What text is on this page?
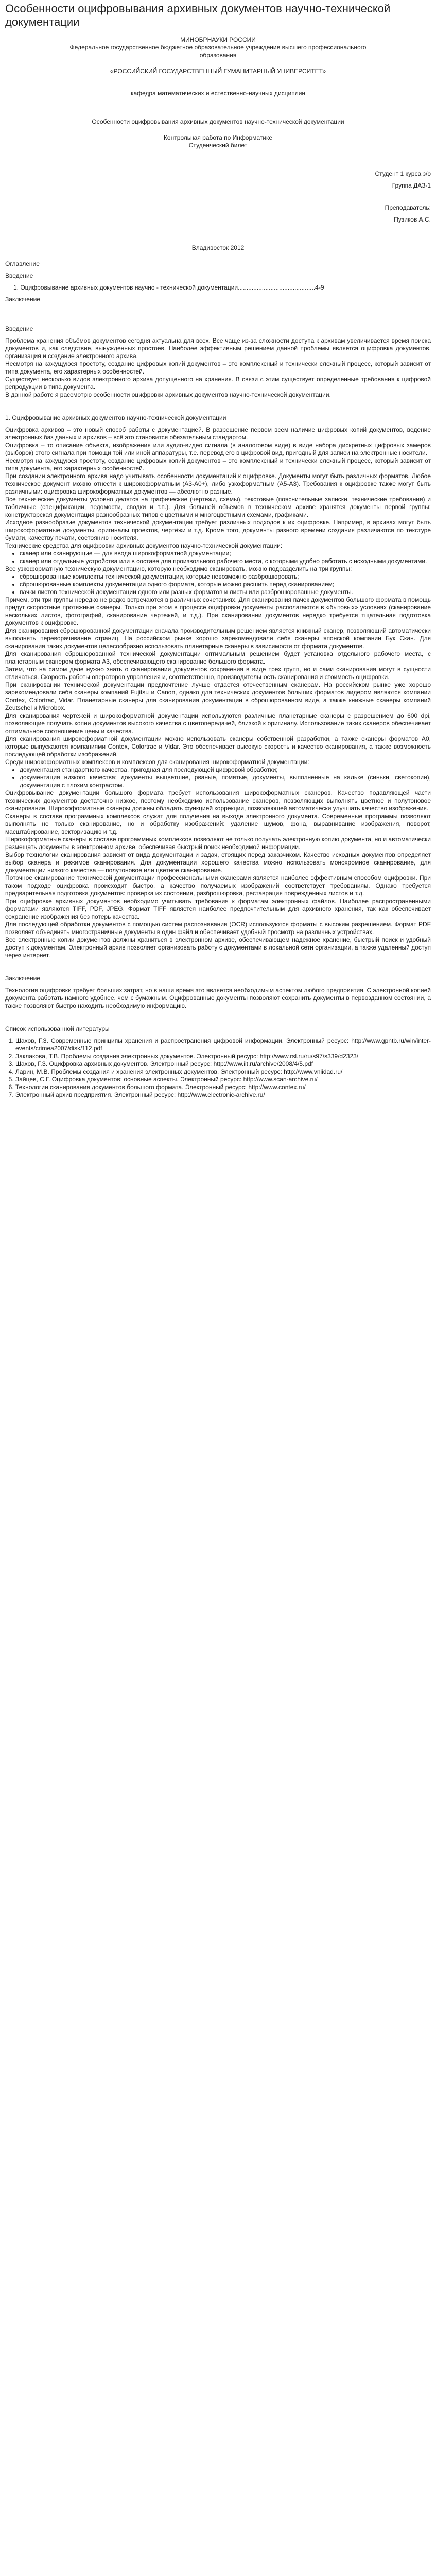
Особенности оцифровывания архивных документов научно-технической документации

МИНОБРНАУКИ РОССИИ

Федеральное государственное бюджетное образовательное учреждение высшего профессионального образования

«РОССИЙСКИЙ ГОСУДАРСТВЕННЫЙ ГУМАНИТАРНЫЙ УНИВЕРСИТЕТ»

кафедра математических и естественно-научных дисциплин

Особенности оцифровывания архивных документов научно-технической документации

Контрольная работа по Информатике

Студенческий билет

Студент 1 курса з/о

Группа ДАЗ-1

Преподаватель:

Пузиков А.С.

Владивосток 2012

Оглавление

Введение

1. Оцифровывание архивных документов научно - технической документации.............................................4-9

Заключение

Введение

Проблема хранения объёмов документов сегодня актуальна для всех. Все чаще из-за сложности доступа к архивам увеличивается время поиска документов и, как следствие, вынужденных простоев. Наиболее эффективным решением данной проблемы является оцифровка документов, организация и создание электронного архива.

Несмотря на кажущуюся простоту, создание цифровых копий документов – это комплексный и технически сложный процесс, который зависит от типа документа, его характерных особенностей.

Существует несколько видов электронного архива допущенного на хранения. В связи с этим существует определенные требования к цифровой репродукции в типа документа.

В данной работе я рассмотрю особенности оцифровки архивных документов научно-технической документации.

1. Оцифровывание архивных документов научно-технической документации

Оцифровка архивов – это новый способ работы с документацией. В разрешение первом всем наличие цифровых копий документов, ведение электронных баз данных и архивов – всё это становится обязательным стандартом.

Оцифровка – то описание объекта, изображения или аудио-видео сигнала (в аналоговом виде) в виде набора дискретных цифровых замеров (выборок) этого сигнала при помощи той или иной аппаратуры, т.е. перевод его в цифровой вид, пригодный для записи на электронные носители.

Несмотря на кажущуюся простоту, создание цифровых копий документов – это комплексный и технически сложный процесс, который зависит от типа документа, его характерных особенностей.

При создании электронного архива надо учитывать особенности документаций к оцифровке. Документы могут быть различных форматов. Любое техническое документ можно отнести к широкоформатным (A3-A0+), либо узкоформатным (A5-A3). Требования к оцифровке также могут быть различными: оцифровка широкоформатных документов — абсолютно разные.

Все технические документы условно делятся на графические (чертежи, схемы), текстовые (пояснительные записки, технические требования) и табличные (спецификации, ведомости, сводки и т.п.). Для большей объёмов в техническом архиве хранятся документы первой группы: конструкторская документация разнообразных типов с цветными и многоцветными схемами, графиками.

Исходное разнообразие документов технической документации требует различных подходов к их оцифровке. Например, в архивах могут быть широкоформатные документы, оригиналы проектов, чертёжи и т.д. Кроме того, документы разного времени создания различаются по текстуре бумаги, качеству печати, состоянию носителя.

Технические средства для оцифровки архивных документов научно-технической документации:

• сканер или сканирующие — для ввода широкоформатной документации;
• сканер или отдельные устройства или в составе для произвольного рабочего места, с которыми удобно работать с исходными документами.

Все узкоформатную техническую документацию, которую необходимо сканировать, можно подразделить на три группы:

• сброшюрованные комплекты технической документации, которые невозможно разброшюровать;
• сброшюрованные комплекты документации одного формата, которые можно расшить перед сканированием;
• пачки листов технической документации одного или разных форматов и листы или разброшюрованные документы.

Причем, эти три группы нередко не редко встречаются в различных сочетаниях. Для сканирования пачек документов большого формата в помощь придут скоростные протяжные сканеры. Только при этом в процессе оцифровки документы располагаются в «бытовых» условиях (сканирование нескольких листов, фотографий, сканирование чертежей, и т.д.). При сканировании документов нередко требуется тщательная подготовка документов к оцифровке.

Для сканирования сброшюрованной документации сначала производительным решением является книжный сканер, позволяющий автоматически выполнять переворачивание страниц. На российском рынке хорошо зарекомендовали себя сканеры японской компании Бук Скан. Для сканирования таких документов целесообразно использовать планетарные сканеры в зависимости от формата документов.

Для сканирования сброшюрованной технической документации оптимальным решением будет установка отдельного рабочего места, с планетарным сканером формата A3, обеспечивающего сканирование большого формата.

Затем, что на самом деле нужно знать о сканировании документов сохранения в виде трех групп, но и сами сканирования могут в сущности отличаться. Скорость работы операторов управления и, соответственно, производительность сканирования и стоимость оцифровки.

При сканировании технической документации предпочтение лучше отдается отечественным сканерам. На российском рынке уже хорошо зарекомендовали себя сканеры компаний Fujitsu и Canon, однако для технических документов больших форматов лидером являются компании Contex, Colortrac, Vidar. Планетарные сканеры для сканирования документации в сброшюрованном виде, а также книжные сканеры компаний Zeutschel и Microbox.

Для сканирования чертежей и широкоформатной документации используются различные планетарные сканеры с разрешением до 600 dpi, позволяющие получать копии документов высокого качества с цветопередачей, близкой к оригиналу. Использование таких сканеров обеспечивает оптимальное соотношение цены и качества.

Для сканирования широкоформатной документации можно использовать сканеры собственной разработки, а также сканеры форматов A0, которые выпускаются компаниями Contex, Colortrac и Vidar. Это обеспечивает высокую скорость и качество сканирования, а также возможность последующей обработки изображений.

Среди широкоформатных комплексов и комплексов для сканирования широкоформатной документации:

• документация стандартного качества, пригодная для последующей цифровой обработки;
• документация низкого качества: документы выцветшие, рваные, помятые, документы, выполненные на кальке (синьки, светокопии), документация с плохим контрастом.

Оцифровывание документации большого формата требует использования широкоформатных сканеров. Качество подавляющей части технических документов достаточно низкое, поэтому необходимо использование сканеров, позволяющих выполнять цветное и полутоновое сканирование. Широкоформатные сканеры должны обладать функцией коррекции, позволяющей автоматически улучшать качество изображения.

Сканеры в составе программных комплексов служат для получения на выходе электронного документа. Современные программы позволяют выполнять не только сканирование, но и обработку изображений: удаление шумов, фона, выравнивание изображения, поворот, масштабирование, векторизацию и т.д.

Широкоформатные сканеры в составе программных комплексов позволяют не только получать электронную копию документа, но и автоматически размещать документы в электронном архиве, обеспечивая быстрый поиск необходимой информации.

Выбор технологии сканирования зависит от вида документации и задач, стоящих перед заказчиком. Качество исходных документов определяет выбор сканера и режимов сканирования. Для документации хорошего качества можно использовать монохромное сканирование, для документации низкого качества — полутоновое или цветное сканирование.

Поточное сканирование технической документации профессиональными сканерами является наиболее эффективным способом оцифровки. При таком подходе оцифровка происходит быстро, а качество получаемых изображений соответствует требованиям. Однако требуется предварительная подготовка документов: проверка их состояния, разброшюровка, реставрация поврежденных листов и т.д.

При оцифровке архивных документов необходимо учитывать требования к форматам электронных файлов. Наиболее распространенными форматами являются TIFF, PDF, JPEG. Формат TIFF является наиболее предпочтительным для архивного хранения, так как обеспечивает сохранение изображения без потерь качества.

Для последующей обработки документов с помощью систем распознавания (OCR) используются форматы с высоким разрешением. Формат PDF позволяет объединять многостраничные документы в один файл и обеспечивает удобный просмотр на различных устройствах.

Все электронные копии документов должны храниться в электронном архиве, обеспечивающем надежное хранение, быстрый поиск и удобный доступ к документам. Электронный архив позволяет организовать работу с документами в локальной сети организации, а также удаленный доступ через интернет.

Заключение

Технология оцифровки требует больших затрат, но в наши время это является необходимым аспектом любого предприятия. С электронной копией документа работать намного удобнее, чем с бумажным. Оцифрованные документы позволяют сохранить документы в первозданном состоянии, а также позволяют быстро находить необходимую информацию.

Список использованной литературы

1. Шахов, Г.З. Современные принципы хранения и распространения цифровой информации. Электронный ресурс: http://www.gpntb.ru/win/inter-events/crimea2007/disk/112.pdf
2. Заклакова, Т.В. Проблемы создания электронных документов. Электронный ресурс: http://www.rsl.ru/ru/s97/s339/d2323/
3. Шахов, Г.З. Оцифровка архивных документов. Электронный ресурс: http://www.iit.ru/archive/2008/4/5.pdf
4. Ларин, М.В. Проблемы создания и хранения электронных документов. Электронный ресурс: http://www.vniidad.ru/
5. Зайцев, С.Г. Оцифровка документов: основные аспекты. Электронный ресурс: http://www.scan-archive.ru/
6. Технологии сканирования документов большого формата. Электронный ресурс: http://www.contex.ru/
7. Электронный архив предприятия. Электронный ресурс: http://www.electronic-archive.ru/
